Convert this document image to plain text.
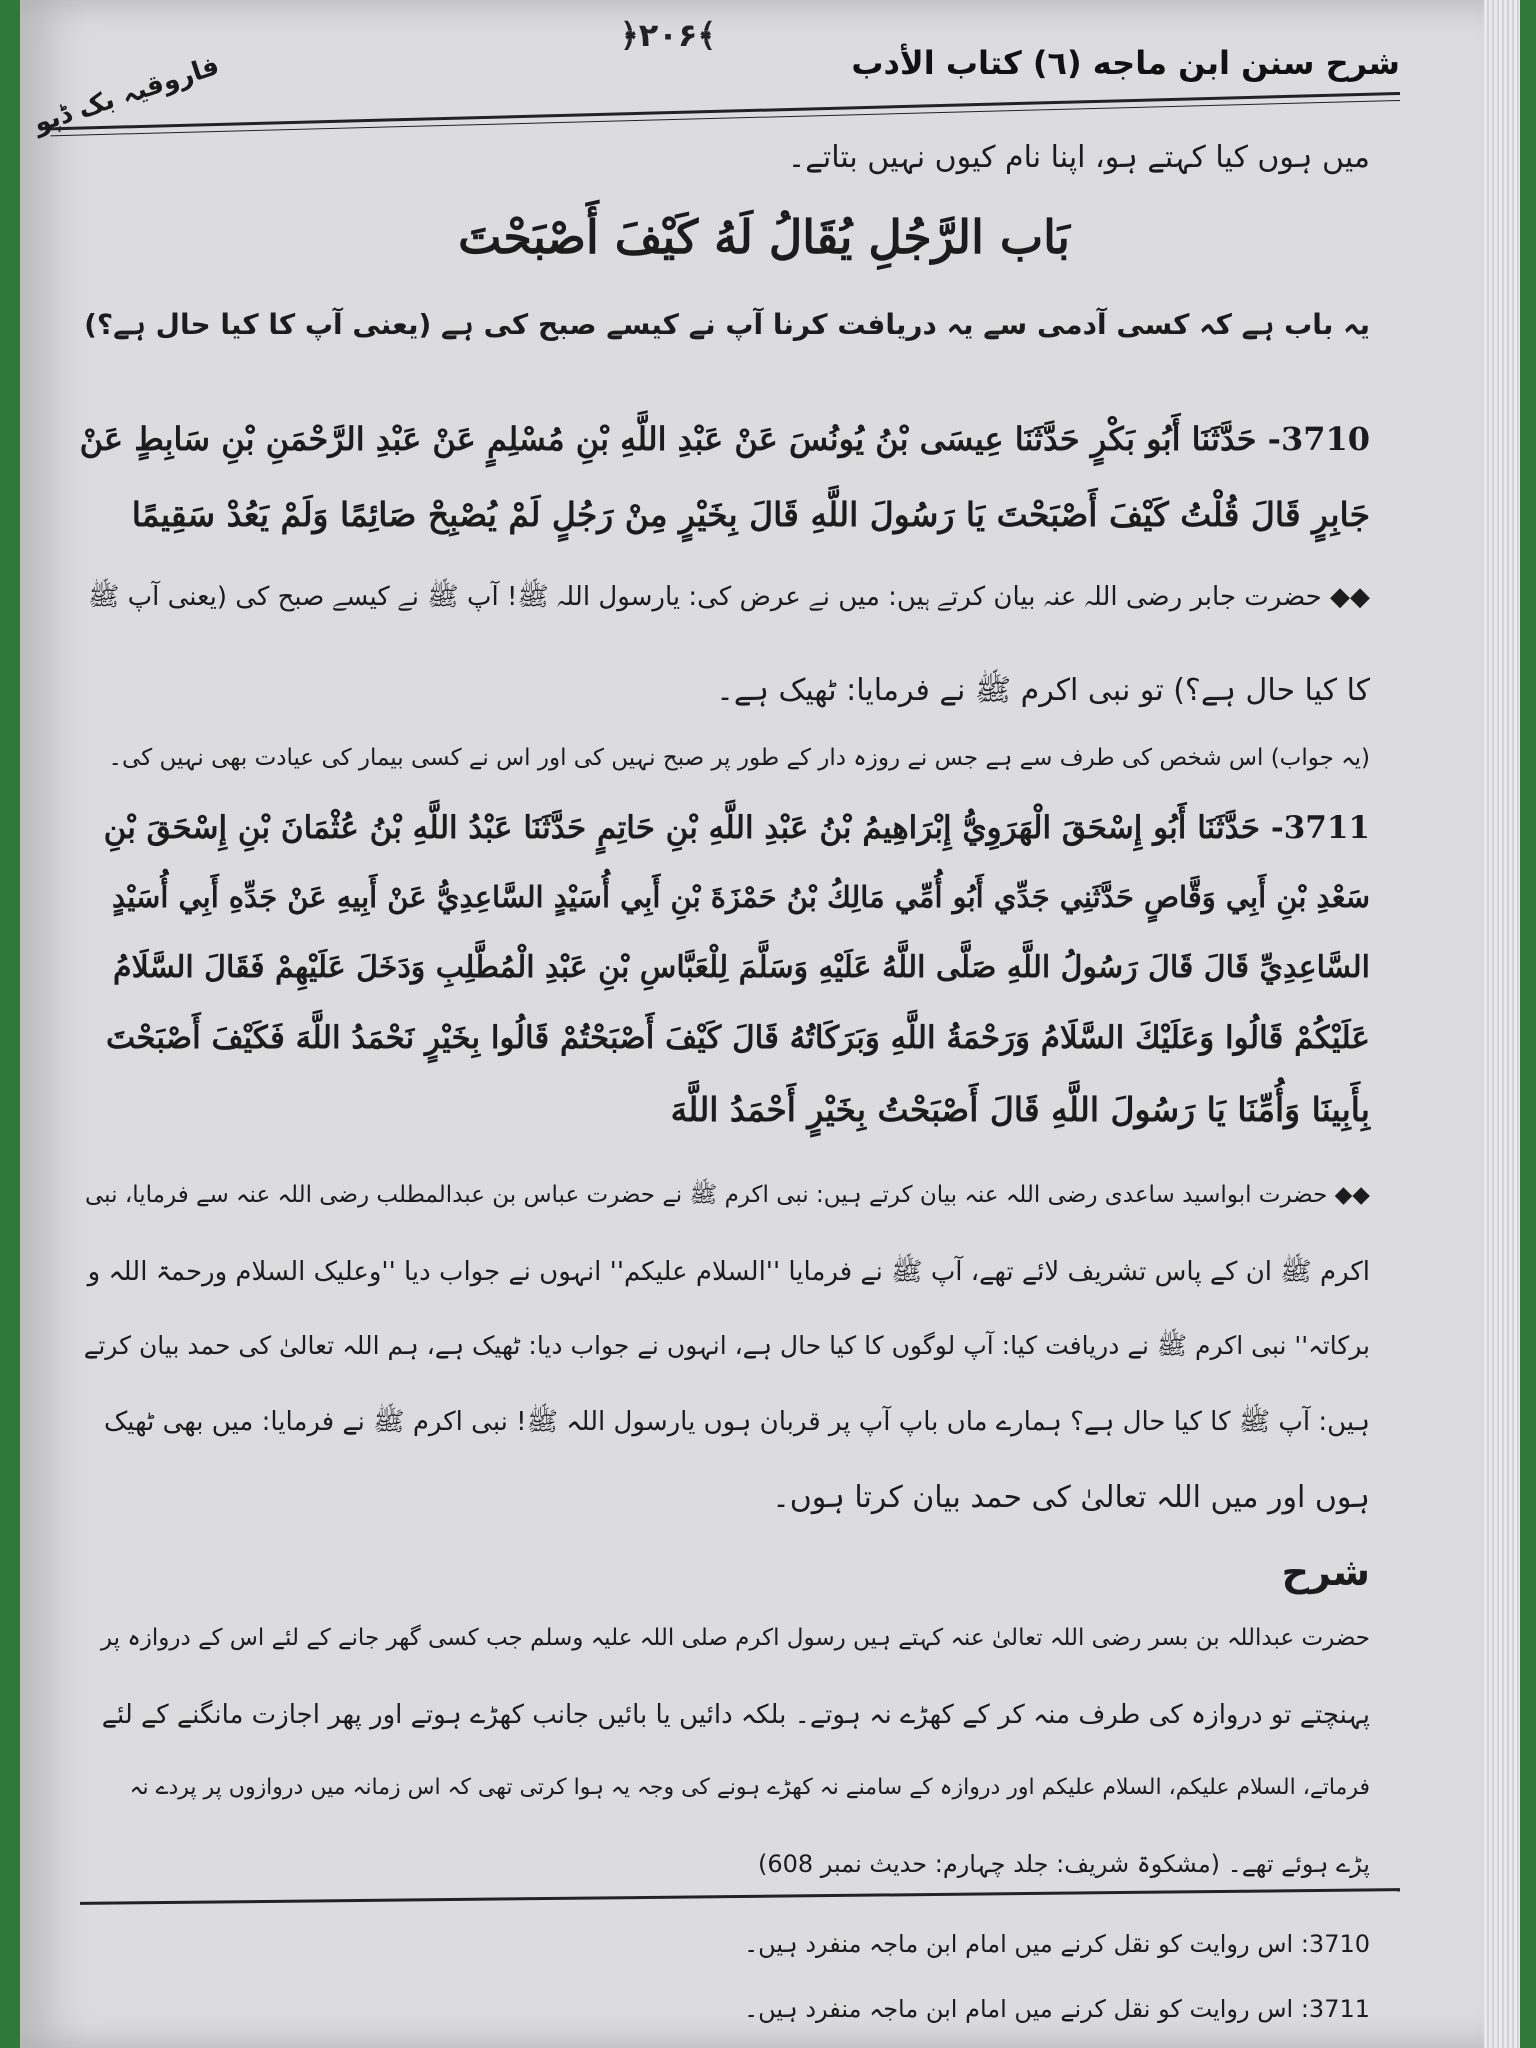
فاروقیہ بک ڈپو
﴿۲۰۶﴾
شرح سنن ابن ماجه (٦) كتاب الأدب
میں ہوں کیا کہتے ہو، اپنا نام کیوں نہیں بتاتے۔
بَاب الرَّجُلِ يُقَالُ لَهُ كَيْفَ أَصْبَحْتَ
یہ باب ہے کہ کسی آدمی سے یہ دریافت کرنا آپ نے کیسے صبح کی ہے (یعنی آپ کا کیا حال ہے؟)
3710- حَدَّثَنَا أَبُو بَكْرٍ حَدَّثَنَا عِيسَى بْنُ يُونُسَ عَنْ عَبْدِ اللَّهِ بْنِ مُسْلِمٍ عَنْ عَبْدِ الرَّحْمَنِ بْنِ سَابِطٍ عَنْ
جَابِرٍ قَالَ قُلْتُ كَيْفَ أَصْبَحْتَ يَا رَسُولَ اللَّهِ قَالَ بِخَيْرٍ مِنْ رَجُلٍ لَمْ يُصْبِحْ صَائِمًا وَلَمْ يَعُدْ سَقِيمًا
◆◆ حضرت جابر رضی اللہ عنہ بیان کرتے ہیں: میں نے عرض کی: یارسول اللہ ﷺ! آپ ﷺ نے کیسے صبح کی (یعنی آپ ﷺ
کا کیا حال ہے؟) تو نبی اکرم ﷺ نے فرمایا: ٹھیک ہے۔
(یہ جواب) اس شخص کی طرف سے ہے جس نے روزہ دار کے طور پر صبح نہیں کی اور اس نے کسی بیمار کی عیادت بھی نہیں کی۔
3711- حَدَّثَنَا أَبُو إِسْحَقَ الْهَرَوِيُّ إِبْرَاهِيمُ بْنُ عَبْدِ اللَّهِ بْنِ حَاتِمٍ حَدَّثَنَا عَبْدُ اللَّهِ بْنُ عُثْمَانَ بْنِ إِسْحَقَ بْنِ
سَعْدِ بْنِ أَبِي وَقَّاصٍ حَدَّثَنِي جَدِّي أَبُو أُمِّي مَالِكُ بْنُ حَمْزَةَ بْنِ أَبِي أُسَيْدٍ السَّاعِدِيُّ عَنْ أَبِيهِ عَنْ جَدِّهِ أَبِي أُسَيْدٍ
السَّاعِدِيِّ قَالَ قَالَ رَسُولُ اللَّهِ صَلَّى اللَّهُ عَلَيْهِ وَسَلَّمَ لِلْعَبَّاسِ بْنِ عَبْدِ الْمُطَّلِبِ وَدَخَلَ عَلَيْهِمْ فَقَالَ السَّلَامُ
عَلَيْكُمْ قَالُوا وَعَلَيْكَ السَّلَامُ وَرَحْمَةُ اللَّهِ وَبَرَكَاتُهُ قَالَ كَيْفَ أَصْبَحْتُمْ قَالُوا بِخَيْرٍ نَحْمَدُ اللَّهَ فَكَيْفَ أَصْبَحْتَ
بِأَبِينَا وَأُمِّنَا يَا رَسُولَ اللَّهِ قَالَ أَصْبَحْتُ بِخَيْرٍ أَحْمَدُ اللَّهَ
◆◆ حضرت ابواسید ساعدی رضی اللہ عنہ بیان کرتے ہیں: نبی اکرم ﷺ نے حضرت عباس بن عبدالمطلب رضی اللہ عنہ سے فرمایا، نبی
اکرم ﷺ ان کے پاس تشریف لائے تھے، آپ ﷺ نے فرمایا ''السلام علیکم'' انہوں نے جواب دیا ''وعلیک السلام ورحمۃ اللہ و
برکاتہ'' نبی اکرم ﷺ نے دریافت کیا: آپ لوگوں کا کیا حال ہے، انہوں نے جواب دیا: ٹھیک ہے، ہم اللہ تعالیٰ کی حمد بیان کرتے
ہیں: آپ ﷺ کا کیا حال ہے؟ ہمارے ماں باپ آپ پر قربان ہوں یارسول اللہ ﷺ! نبی اکرم ﷺ نے فرمایا: میں بھی ٹھیک
ہوں اور میں اللہ تعالیٰ کی حمد بیان کرتا ہوں۔
شرح
حضرت عبداللہ بن بسر رضی اللہ تعالیٰ عنہ کہتے ہیں رسول اکرم صلی اللہ علیہ وسلم جب کسی گھر جانے کے لئے اس کے دروازہ پر
پہنچتے تو دروازہ کی طرف منہ کر کے کھڑے نہ ہوتے۔ بلکہ دائیں یا بائیں جانب کھڑے ہوتے اور پھر اجازت مانگنے کے لئے
فرماتے، السلام علیکم، السلام علیکم اور دروازہ کے سامنے نہ کھڑے ہونے کی وجہ یہ ہوا کرتی تھی کہ اس زمانہ میں دروازوں پر پردے نہ
پڑے ہوئے تھے۔ (مشکوۃ شریف: جلد چہارم: حدیث نمبر 608)
3710: اس روایت کو نقل کرنے میں امام ابن ماجہ منفرد ہیں۔
3711: اس روایت کو نقل کرنے میں امام ابن ماجہ منفرد ہیں۔
